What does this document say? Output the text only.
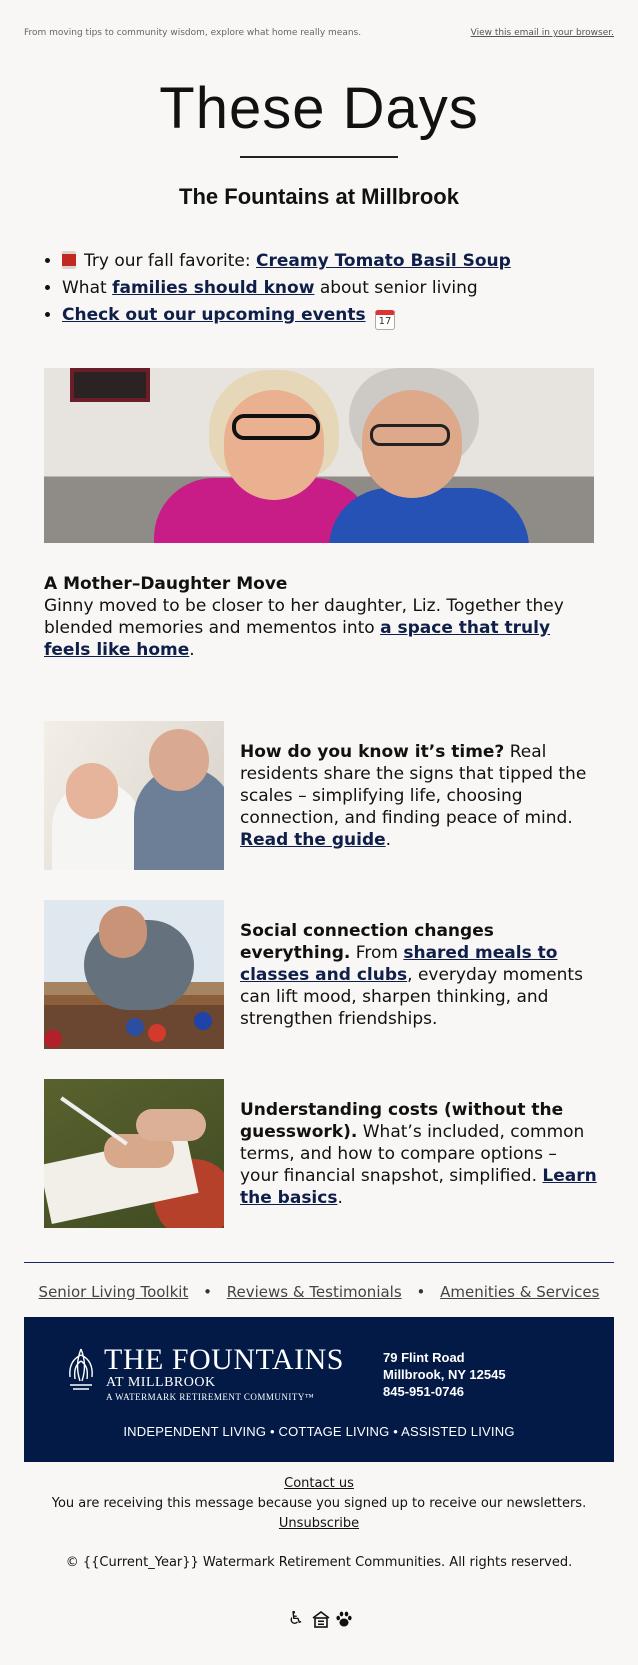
From moving tips to community wisdom, explore what home really means.	View this email in your browser.
These Days
The Fountains at Millbrook
• Try our fall favorite: Creamy Tomato Basil Soup
• What families should know about senior living
• Check out our upcoming events 17
A Mother–Daughter Move
Ginny moved to be closer to her daughter, Liz. Together they blended memories and mementos into a space that truly feels like home.
How do you know it’s time? Real residents share the signs that tipped the scales – simplifying life, choosing connection, and finding peace of mind. Read the guide.
Social connection changes everything. From shared meals to classes and clubs, everyday moments can lift mood, sharpen thinking, and strengthen friendships.
Understanding costs (without the guesswork). What’s included, common terms, and how to compare options – your financial snapshot, simplified. Learn the basics.
Senior Living Toolkit • Reviews & Testimonials • Amenities & Services
THE FOUNTAINS
AT MILLBROOK
A WATERMARK RETIREMENT COMMUNITY™
79 Flint Road
Millbrook, NY 12545
845-951-0746
INDEPENDENT LIVING • COTTAGE LIVING • ASSISTED LIVING
Contact us
You are receiving this message because you signed up to receive our newsletters.
Unsubscribe
© {{Current_Year}} Watermark Retirement Communities. All rights reserved.
♿︎
